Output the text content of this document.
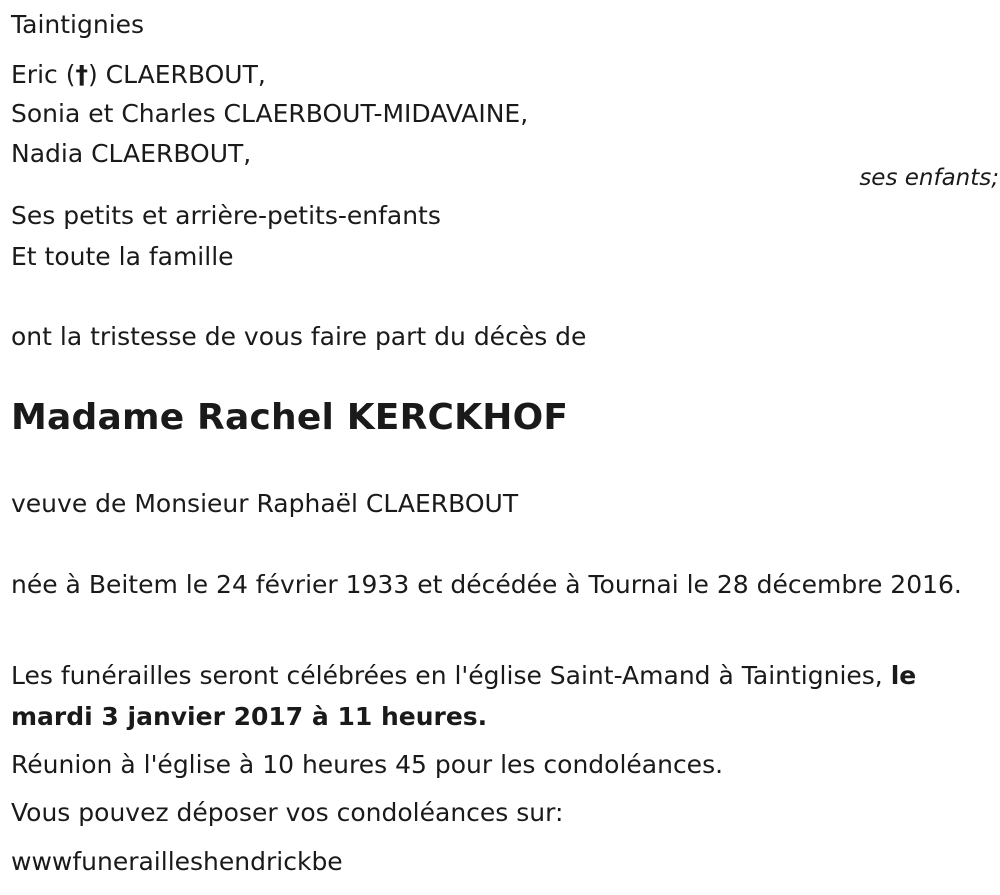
Taintignies
Eric (†) CLAERBOUT,
Sonia et Charles CLAERBOUT-MIDAVAINE,
Nadia CLAERBOUT,
ses enfants;
Ses petits et arrière-petits-enfants
Et toute la famille
ont la tristesse de vous faire part du décès de
Madame Rachel KERCKHOF
veuve de Monsieur Raphaël CLAERBOUT
née à Beitem le 24 février 1933 et décédée à Tournai le 28 décembre 2016.
Les funérailles seront célébrées en l'église Saint-Amand à Taintignies, le mardi 3 janvier 2017 à 11 heures.
Réunion à l'église à 10 heures 45 pour les condoléances.
Vous pouvez déposer vos condoléances sur:
wwwfunerailleshendrickbe
